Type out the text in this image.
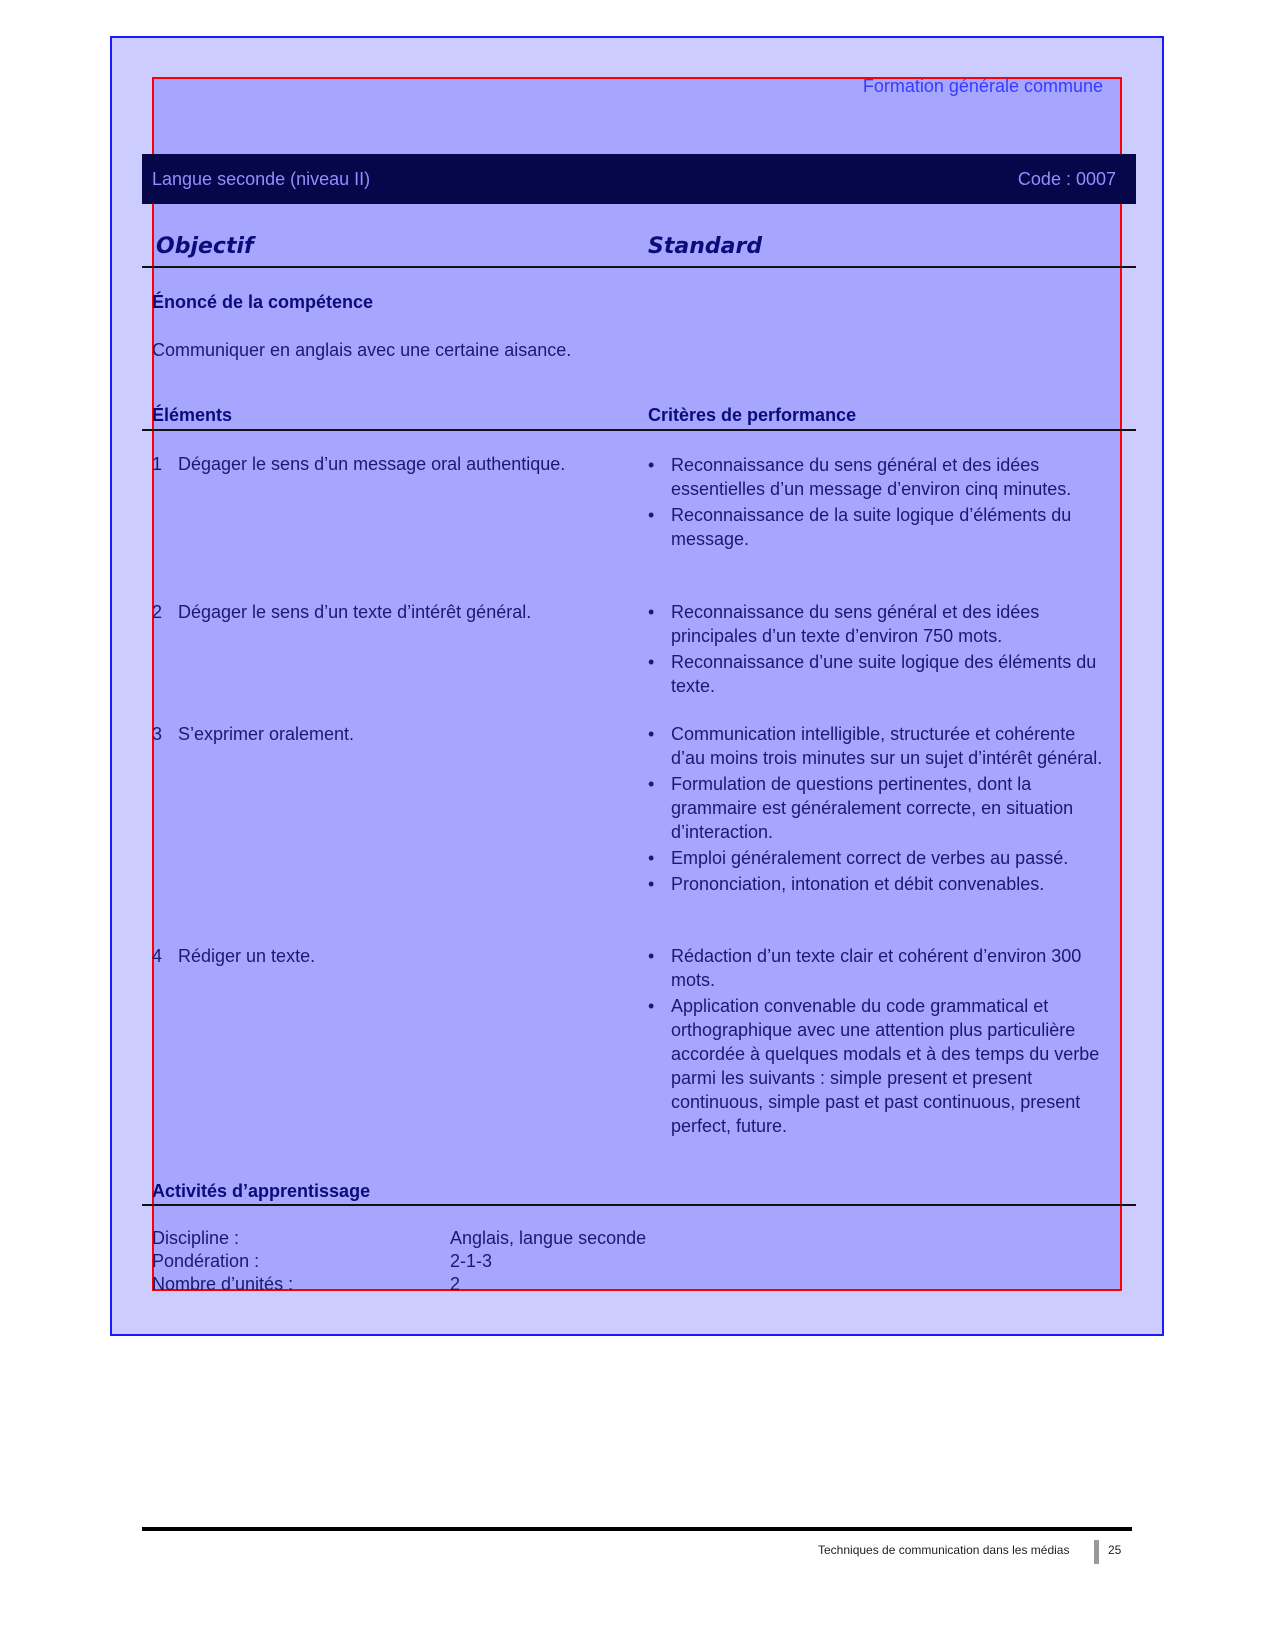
Formation générale commune
Langue seconde (niveau II)	Code : 0007
Objectif	Standard
Énoncé de la compétence
Communiquer en anglais avec une certaine aisance.
Éléments	Critères de performance
1 Dégager le sens d’un message oral authentique.	• Reconnaissance du sens général et des idées essentielles d’un message d’environ cinq minutes.
• Reconnaissance de la suite logique d’éléments du message.
2 Dégager le sens d’un texte d’intérêt général.	• Reconnaissance du sens général et des idées principales d’un texte d’environ 750 mots.
• Reconnaissance d’une suite logique des éléments du texte.
3 S’exprimer oralement.	• Communication intelligible, structurée et cohérente d’au moins trois minutes sur un sujet d’intérêt général.
• Formulation de questions pertinentes, dont la grammaire est généralement correcte, en situation d’interaction.
• Emploi généralement correct de verbes au passé.
• Prononciation, intonation et débit convenables.
4 Rédiger un texte.	• Rédaction d’un texte clair et cohérent d’environ 300 mots.
• Application convenable du code grammatical et orthographique avec une attention plus particulière accordée à quelques modals et à des temps du verbe parmi les suivants : simple present et present continuous, simple past et past continuous, present perfect, future.
Activités d’apprentissage
Discipline :	Anglais, langue seconde
Pondération :	2-1-3
Nombre d’unités :	2
Techniques de communication dans les médias	25
